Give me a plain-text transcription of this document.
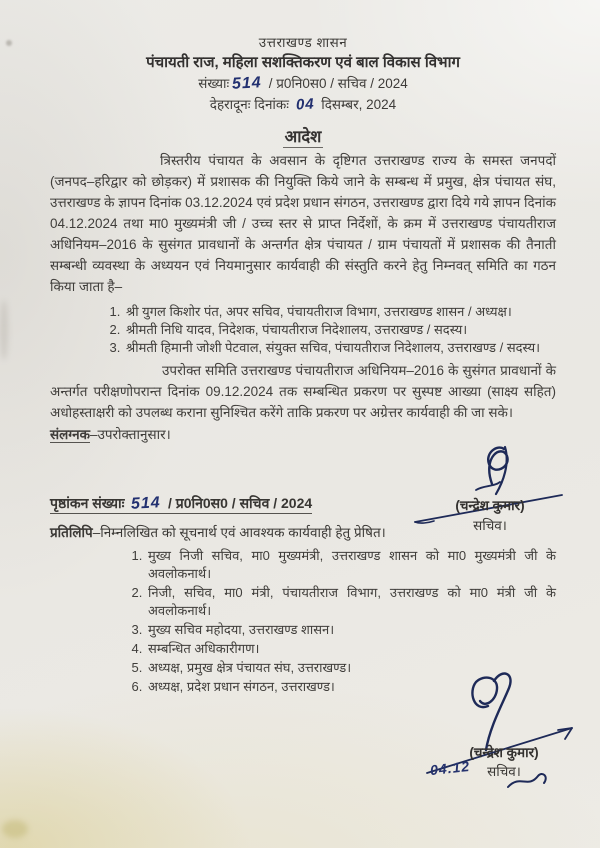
उत्तराखण्ड शासन
पंचायती राज, महिला सशक्तिकरण एवं बाल विकास विभाग
संख्याः 514 / प्र0नि0स0 / सचिव / 2024
देहरादूनः दिनांकः 04 दिसम्बर, 2024
आदेश
त्रिस्तरीय पंचायत के अवसान के दृष्टिगत उत्तराखण्ड राज्य के समस्त जनपदों (जनपद–हरिद्वार को छोड़कर) में प्रशासक की नियुक्ति किये जाने के सम्बन्ध में प्रमुख, क्षेत्र पंचायत संघ, उत्तराखण्ड के ज्ञापन दिनांक 03.12.2024 एवं प्रदेश प्रधान संगठन, उत्तराखण्ड द्वारा दिये गये ज्ञापन दिनांक 04.12.2024 तथा मा0 मुख्यमंत्री जी / उच्च स्तर से प्राप्त निर्देशों, के क्रम में उत्तराखण्ड पंचायतीराज अधिनियम–2016 के सुसंगत प्रावधानों के अन्तर्गत क्षेत्र पंचायत / ग्राम पंचायतों में प्रशासक की तैनाती सम्बन्धी व्यवस्था के अध्ययन एवं नियमानुसार कार्यवाही की संस्तुति करने हेतु निम्नवत् समिति का गठन किया जाता है–
1. श्री युगल किशोर पंत, अपर सचिव, पंचायतीराज विभाग, उत्तराखण्ड शासन / अध्यक्ष।
2. श्रीमती निधि यादव, निदेशक, पंचायतीराज निदेशालय, उत्तराखण्ड / सदस्य।
3. श्रीमती हिमानी जोशी पेटवाल, संयुक्त सचिव, पंचायतीराज निदेशालय, उत्तराखण्ड / सदस्य।
उपरोक्त समिति उत्तराखण्ड पंचायतीराज अधिनियम–2016 के सुसंगत प्रावधानों के अन्तर्गत परीक्षणोपरान्त दिनांक 09.12.2024 तक सम्बन्धित प्रकरण पर सुस्पष्ट आख्या (साक्ष्य सहित) अधोहस्ताक्षरी को उपलब्ध कराना सुनिश्चित करेंगे ताकि प्रकरण पर अग्रेत्तर कार्यवाही की जा सके।
संलग्नक–उपरोक्तानुसार।
पृष्ठांकन संख्याः 514 / प्र0नि0स0 / सचिव / 2024
प्रतिलिपि–निम्नलिखित को सूचनार्थ एवं आवश्यक कार्यवाही हेतु प्रेषित।
1. मुख्य निजी सचिव, मा0 मुख्यमंत्री, उत्तराखण्ड शासन को मा0 मुख्यमंत्री जी के अवलोकनार्थ।
2. निजी, सचिव, मा0 मंत्री, पंचायतीराज विभाग, उत्तराखण्ड को मा0 मंत्री जी के अवलोकनार्थ।
3. मुख्य सचिव महोदया, उत्तराखण्ड शासन।
4. सम्बन्धित अधिकारीगण।
5. अध्यक्ष, प्रमुख क्षेत्र पंचायत संघ, उत्तराखण्ड।
6. अध्यक्ष, प्रदेश प्रधान संगठन, उत्तराखण्ड।
(चन्द्रेश कुमार)
सचिव।
(चन्द्रेश कुमार)
सचिव।
04.12
